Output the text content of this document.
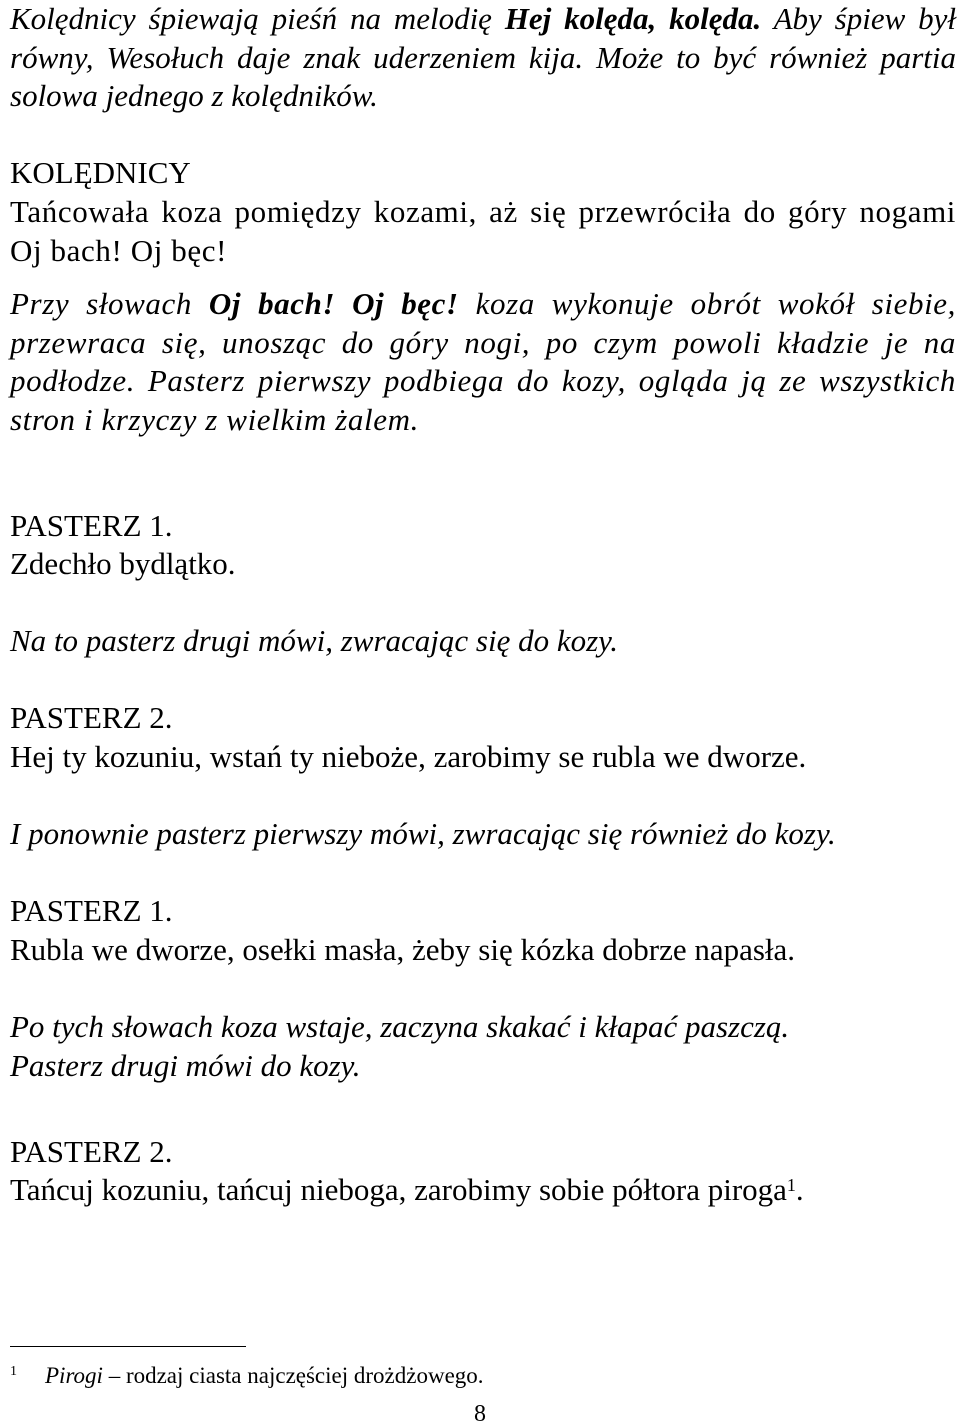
Kolędnicy śpiewają pieśń na melodię Hej kolęda, kolęda. Aby śpiew był równy, Wesołuch daje znak uderzeniem kija. Może to być również partia solowa jednego z kolędników.
KOLĘDNICY
Tańcowała koza pomiędzy kozami, aż się przewróciła do góry nogami Oj bach! Oj bęc!
Przy słowach Oj bach! Oj bęc! koza wykonuje obrót wokół siebie, przewraca się, unosząc do góry nogi, po czym powoli kładzie je na podłodze. Pasterz pierwszy podbiega do kozy, ogląda ją ze wszystkich stron i krzyczy z wielkim żalem.
PASTERZ 1.
Zdechło bydlątko.
Na to pasterz drugi mówi, zwracając się do kozy.
PASTERZ 2.
Hej ty kozuniu, wstań ty nieboże, zarobimy se rubla we dworze.
I ponownie pasterz pierwszy mówi, zwracając się również do kozy.
PASTERZ 1.
Rubla we dworze, osełki masła, żeby się kózka dobrze napasła.
Po tych słowach koza wstaje, zaczyna skakać i kłapać paszczą.
Pasterz drugi mówi do kozy.
PASTERZ 2.
Tańcuj kozuniu, tańcuj nieboga, zarobimy sobie półtora piroga$^1$.
$^1$ Pirogi – rodzaj ciasta najczęściej drożdżowego.
8
